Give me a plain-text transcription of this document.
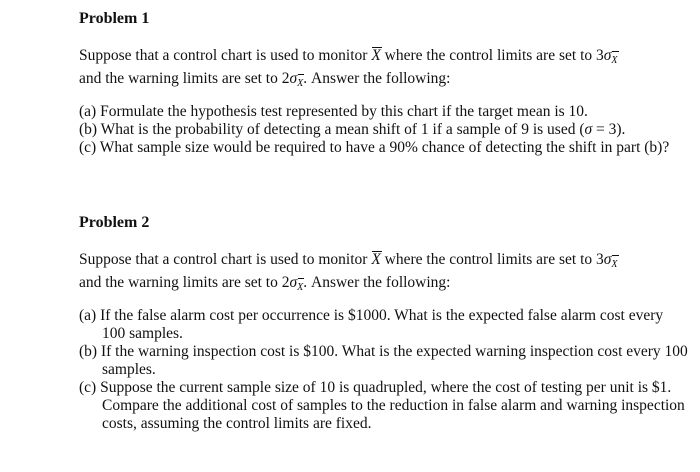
Problem 1
Suppose that a control chart is used to monitor X where the control limits are set to $3\sigma_X$
and the warning limits are set to $2\sigma_X$. Answer the following:
(a) Formulate the hypothesis test represented by this chart if the target mean is 10.
(b) What is the probability of detecting a mean shift of 1 if a sample of 9 is used (σ = 3).
(c) What sample size would be required to have a 90% chance of detecting the shift in part (b)?
Problem 2
Suppose that a control chart is used to monitor X where the control limits are set to $3\sigma_X$
and the warning limits are set to $2\sigma_X$. Answer the following:
(a) If the false alarm cost per occurrence is $1000. What is the expected false alarm cost every 100 samples.
(b) If the warning inspection cost is $100. What is the expected warning inspection cost every 100 samples.
(c) Suppose the current sample size of 10 is quadrupled, where the cost of testing per unit is $1. Compare the additional cost of samples to the reduction in false alarm and warning inspection costs, assuming the control limits are fixed.
